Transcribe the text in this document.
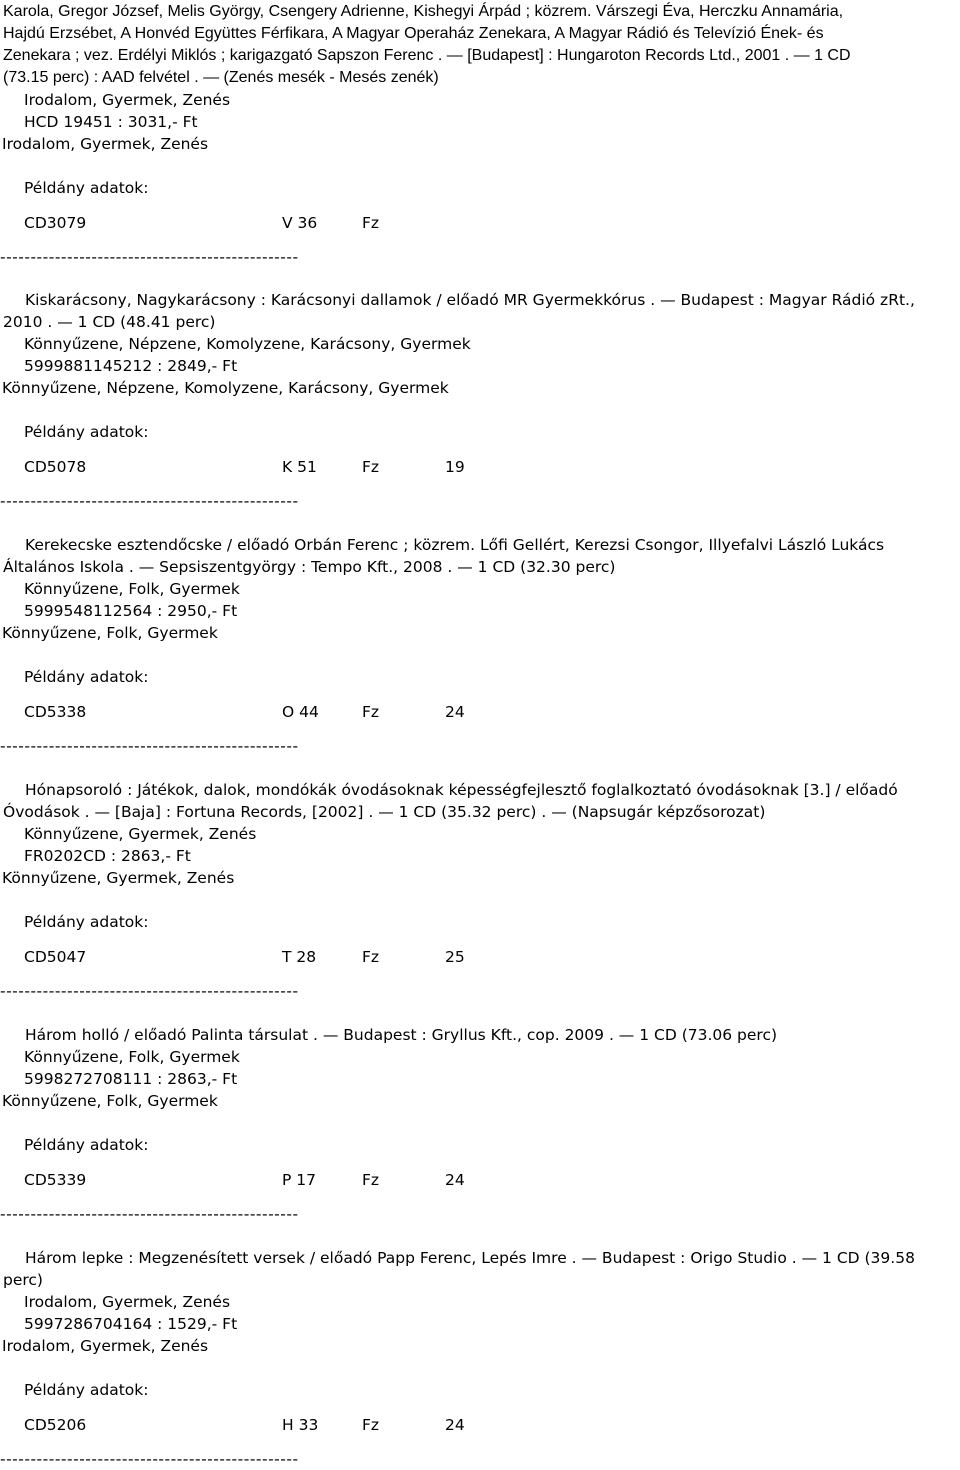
Karola, Gregor József, Melis György, Csengery Adrienne, Kishegyi Árpád ; közrem. Várszegi Éva, Herczku Annamária,
Hajdú Erzsébet, A Honvéd Együttes Férfikara, A Magyar Operaház Zenekara, A Magyar Rádió és Televízió Ének- és
Zenekara ; vez. Erdélyi Miklós ; karigazgató Sapszon Ferenc . — [Budapest] : Hungaroton Records Ltd., 2001 . — 1 CD
(73.15 perc) : AAD felvétel . — (Zenés mesék - Mesés zenék)

Irodalom, Gyermek, Zenés

HCD 19451 : 3031,- Ft

Irodalom, Gyermek, Zenés

Példány adatok:

CD3079	V 36	Fz

-------------------------------------------------

Kiskarácsony, Nagykarácsony : Karácsonyi dallamok / előadó MR Gyermekkórus . — Budapest : Magyar Rádió zRt.,
2010 . — 1 CD (48.41 perc)

Könnyűzene, Népzene, Komolyzene, Karácsony, Gyermek

5999881145212 : 2849,- Ft

Könnyűzene, Népzene, Komolyzene, Karácsony, Gyermek

Példány adatok:

CD5078	K 51	Fz	19

-------------------------------------------------

Kerekecske esztendőcske / előadó Orbán Ferenc ; közrem. Lőfi Gellért, Kerezsi Csongor, Illyefalvi László Lukács
Általános Iskola . — Sepsiszentgyörgy : Tempo Kft., 2008 . — 1 CD (32.30 perc)

Könnyűzene, Folk, Gyermek

5999548112564 : 2950,- Ft

Könnyűzene, Folk, Gyermek

Példány adatok:

CD5338	O 44	Fz	24

-------------------------------------------------

Hónapsoroló : Játékok, dalok, mondókák óvodásoknak képességfejlesztő foglalkoztató óvodásoknak [3.] / előadó
Óvodások . — [Baja] : Fortuna Records, [2002] . — 1 CD (35.32 perc) . — (Napsugár képzősorozat)

Könnyűzene, Gyermek, Zenés

FR0202CD : 2863,- Ft

Könnyűzene, Gyermek, Zenés

Példány adatok:

CD5047	T 28	Fz	25

-------------------------------------------------

Három holló / előadó Palinta társulat . — Budapest : Gryllus Kft., cop. 2009 . — 1 CD (73.06 perc)

Könnyűzene, Folk, Gyermek

5998272708111 : 2863,- Ft

Könnyűzene, Folk, Gyermek

Példány adatok:

CD5339	P 17	Fz	24

-------------------------------------------------

Három lepke : Megzenésített versek / előadó Papp Ferenc, Lepés Imre . — Budapest : Origo Studio . — 1 CD (39.58
perc)

Irodalom, Gyermek, Zenés

5997286704164 : 1529,- Ft

Irodalom, Gyermek, Zenés

Példány adatok:

CD5206	H 33	Fz	24

-------------------------------------------------
